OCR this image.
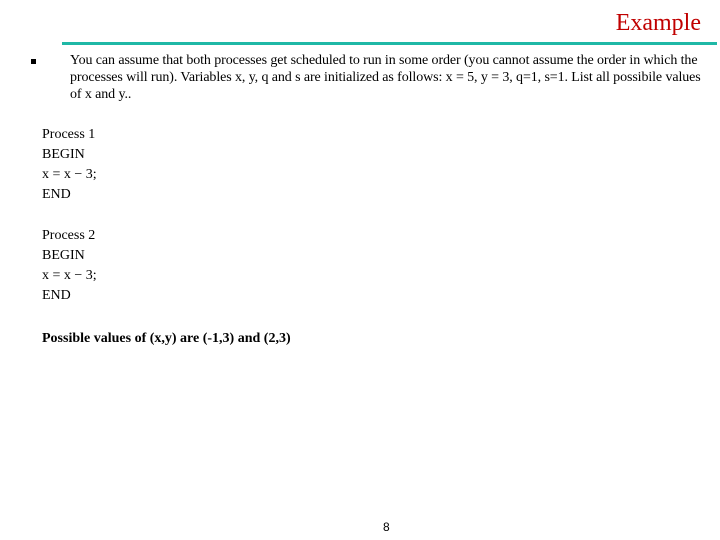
Example
You can assume that both processes get scheduled to run in some order (you cannot assume the order in which the processes will run). Variables x, y, q and s are initialized as follows: x = 5, y = 3, q=1, s=1. List all possibile values of x and y..
Process 1
BEGIN
x = x − 3;
END
Process 2
BEGIN
x = x − 3;
END
Possible values of (x,y) are (-1,3) and (2,3)
8
